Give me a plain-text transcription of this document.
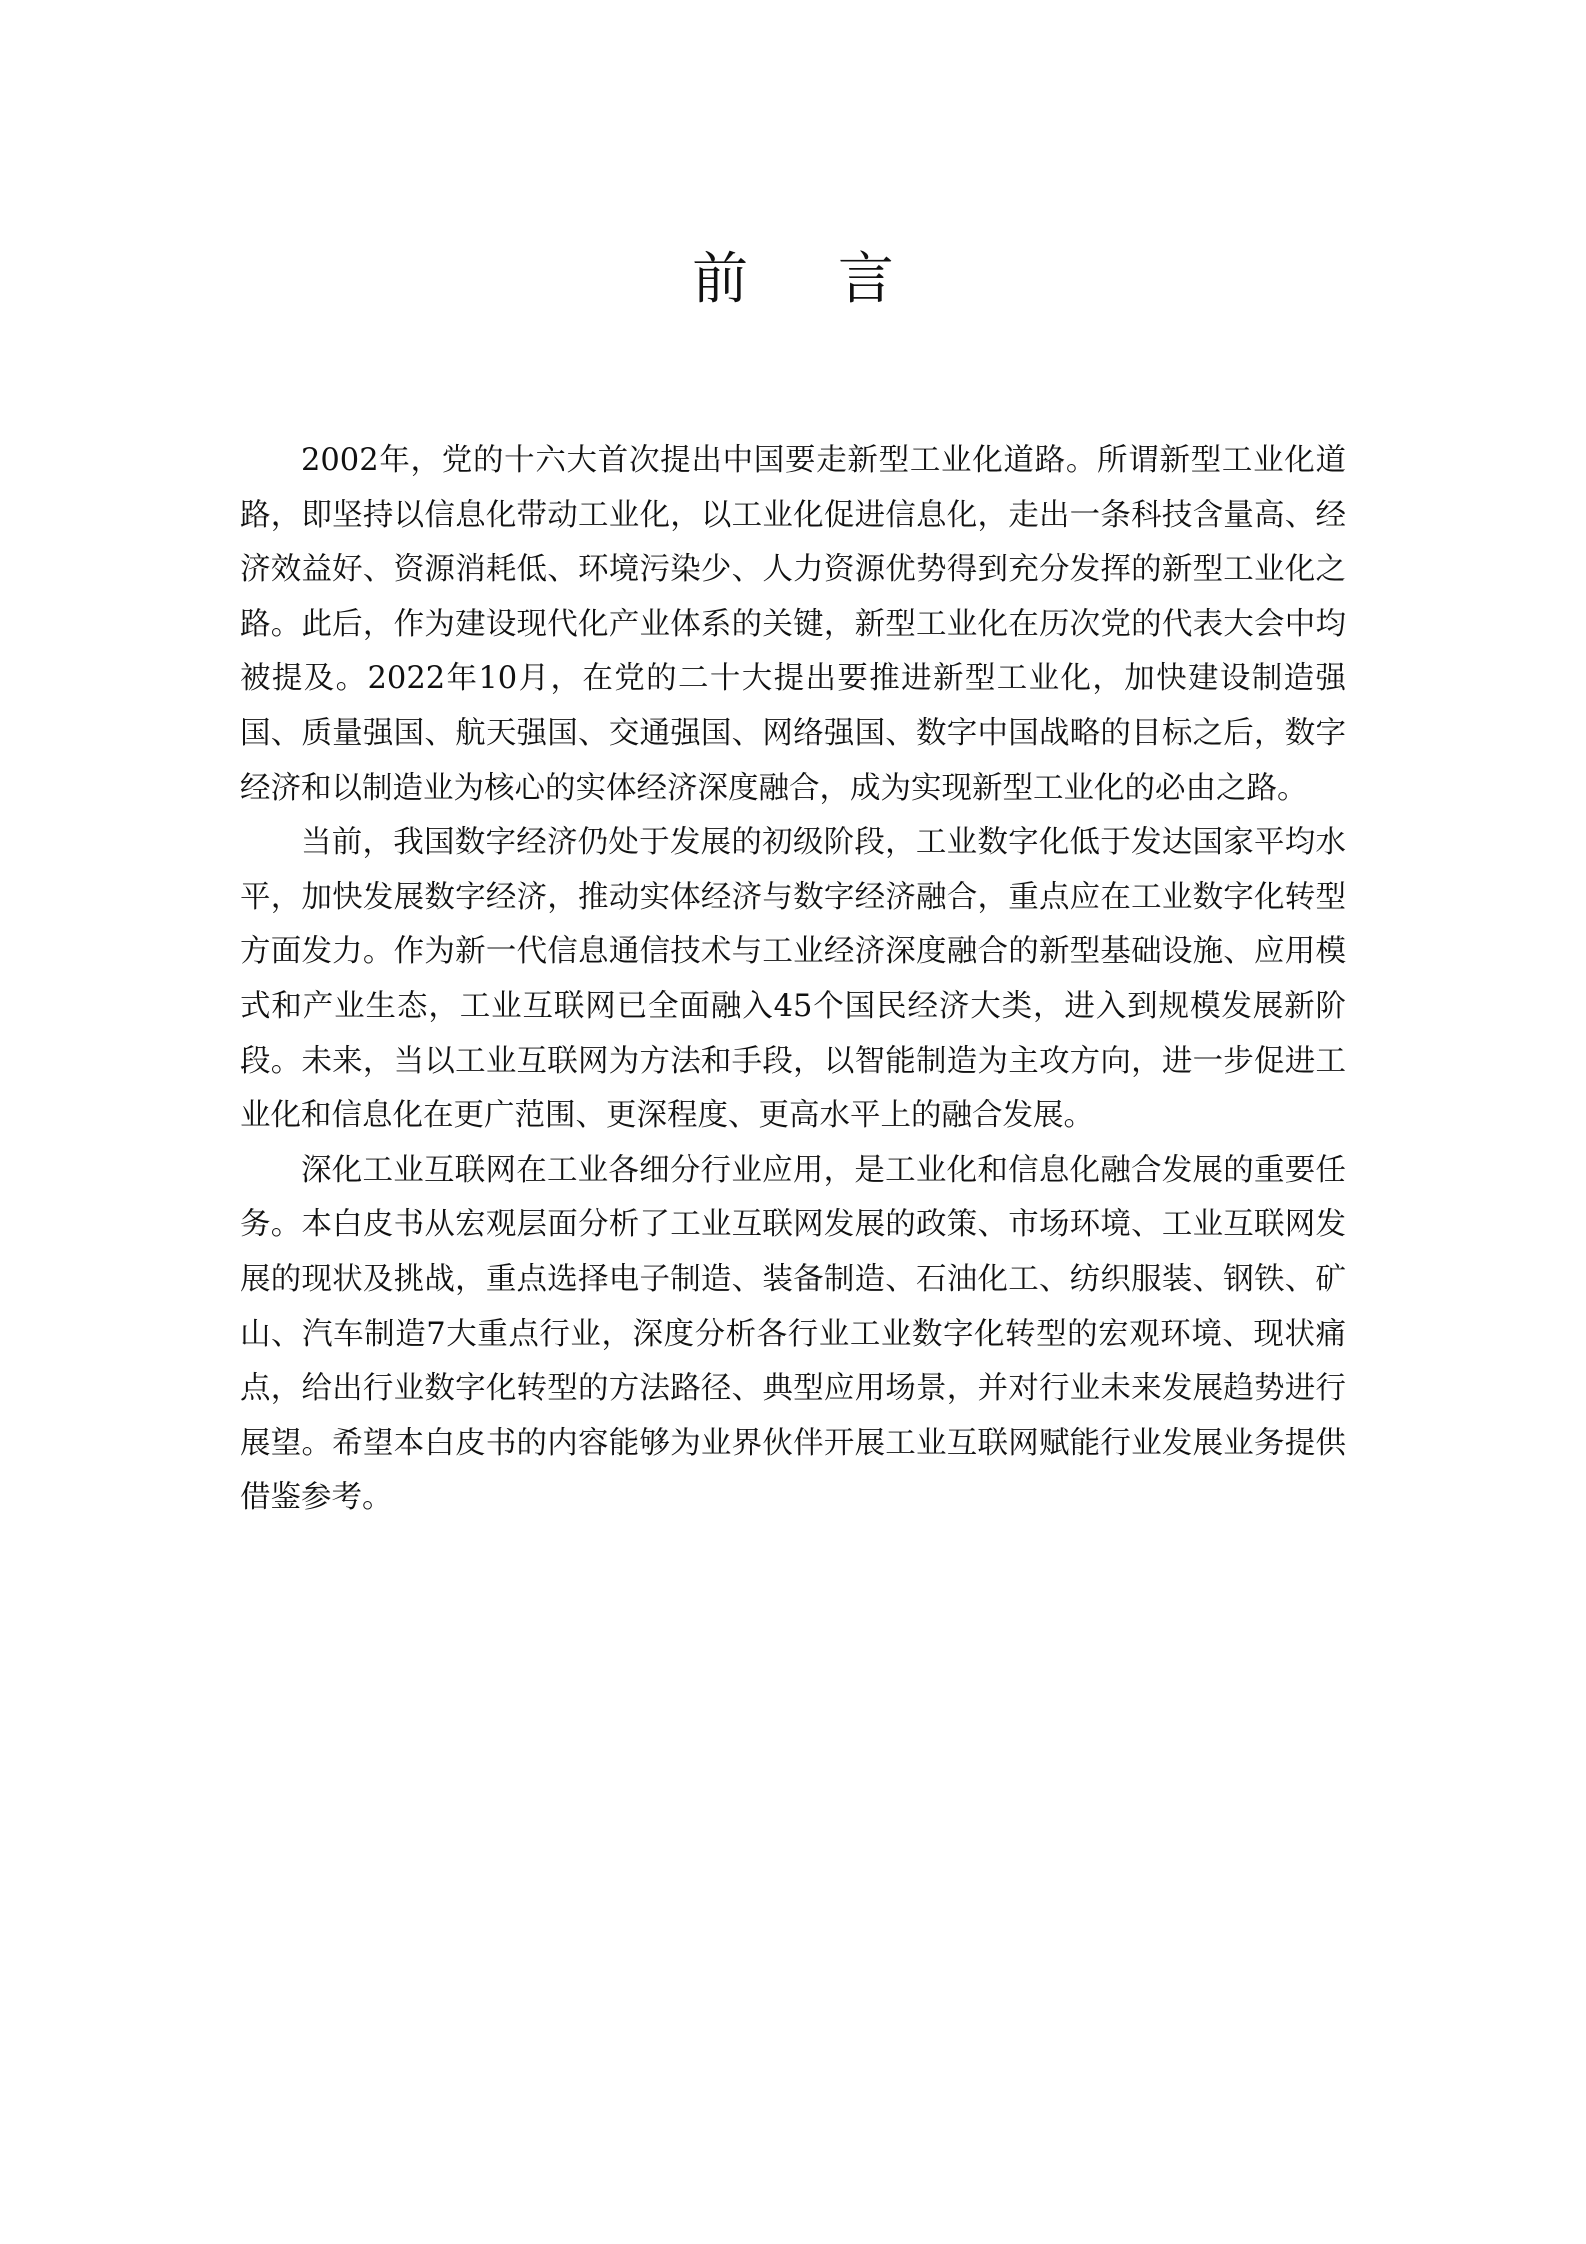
前 言

2002年，党的十六大首次提出中国要走新型工业化道路。所谓新型工业化道路，即坚持以信息化带动工业化，以工业化促进信息化，走出一条科技含量高、经济效益好、资源消耗低、环境污染少、人力资源优势得到充分发挥的新型工业化之路。此后，作为建设现代化产业体系的关键，新型工业化在历次党的代表大会中均被提及。2022年10月，在党的二十大提出要推进新型工业化，加快建设制造强国、质量强国、航天强国、交通强国、网络强国、数字中国战略的目标之后，数字经济和以制造业为核心的实体经济深度融合，成为实现新型工业化的必由之路。

当前，我国数字经济仍处于发展的初级阶段，工业数字化低于发达国家平均水平，加快发展数字经济，推动实体经济与数字经济融合，重点应在工业数字化转型方面发力。作为新一代信息通信技术与工业经济深度融合的新型基础设施、应用模式和产业生态，工业互联网已全面融入45个国民经济大类，进入到规模发展新阶段。未来，当以工业互联网为方法和手段，以智能制造为主攻方向，进一步促进工业化和信息化在更广范围、更深程度、更高水平上的融合发展。

深化工业互联网在工业各细分行业应用，是工业化和信息化融合发展的重要任务。本白皮书从宏观层面分析了工业互联网发展的政策、市场环境、工业互联网发展的现状及挑战，重点选择电子制造、装备制造、石油化工、纺织服装、钢铁、矿山、汽车制造7大重点行业，深度分析各行业工业数字化转型的宏观环境、现状痛点，给出行业数字化转型的方法路径、典型应用场景，并对行业未来发展趋势进行展望。希望本白皮书的内容能够为业界伙伴开展工业互联网赋能行业发展业务提供借鉴参考。
